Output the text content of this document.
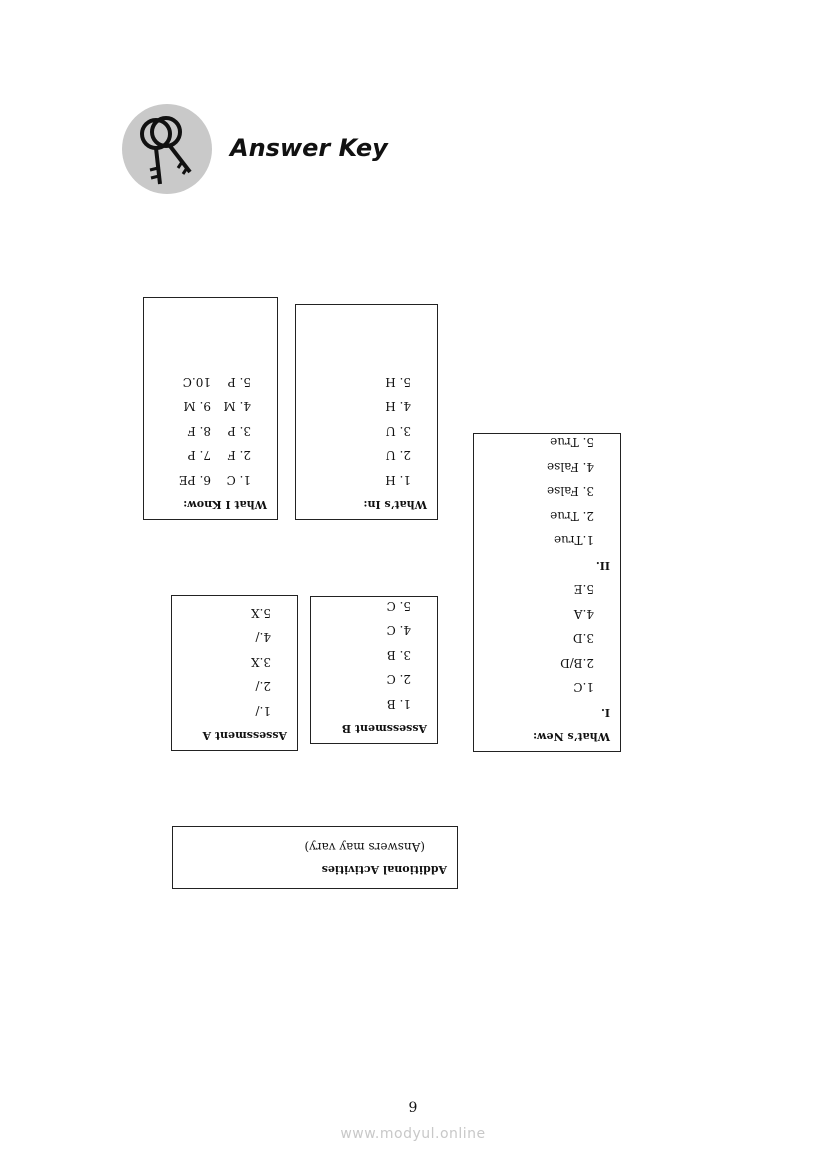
Answer Key
What I Know:
1. C
6. PE
2. F
7. P
3. P
8. F
4. M
9. M
5. P
10.C
What’s In:
1. H
2. U
3. U
4. H
5. H
What’s New:
I.
1.C
2.B/D
3.D
4.A
5.E
II.
1.True
2. True
3. False
4. False
5. True
Assessment A
1./
2./
3.X
4./
5.X
Assessment B
1. B
2. C
3. B
4. C
5. C
Additional Activities
(Answers may vary)
9
www.modyul.online
